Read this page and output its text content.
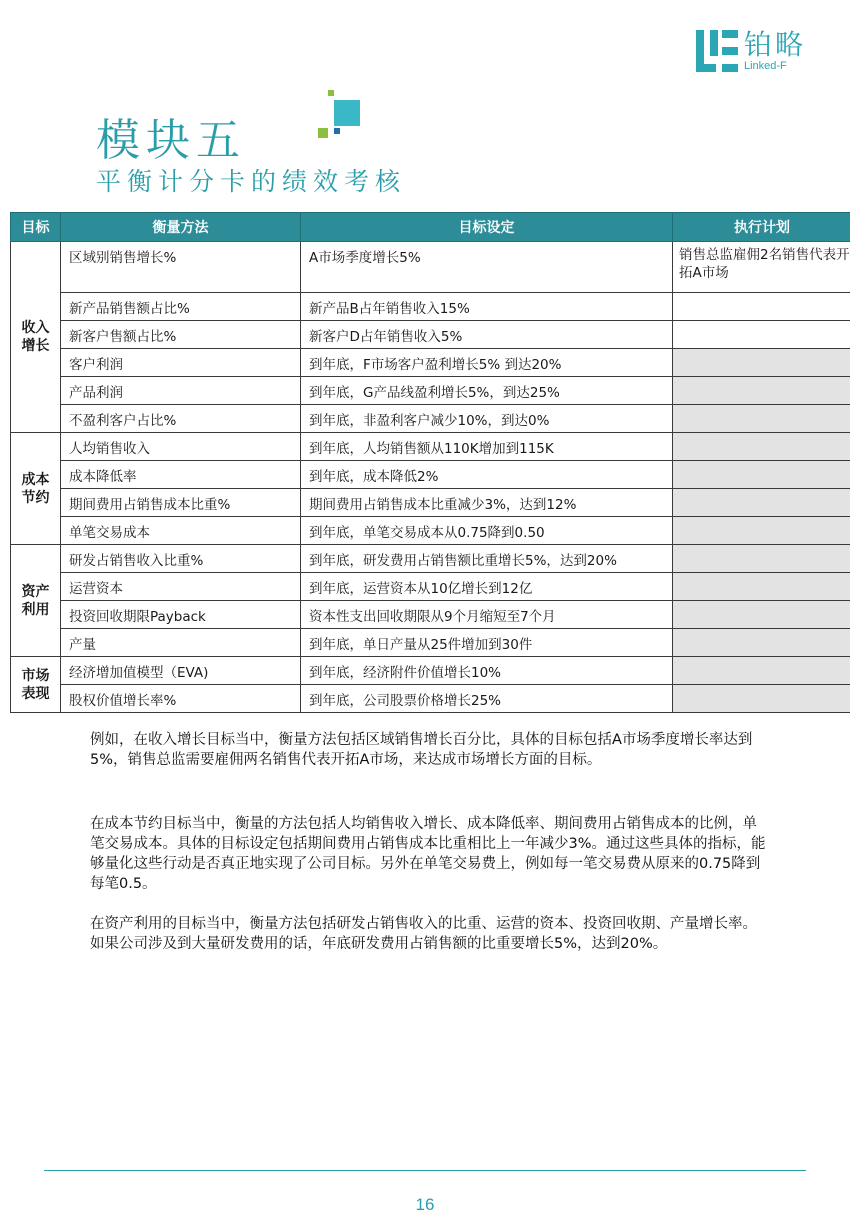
铂略
Linked-F
模块五
平衡计分卡的绩效考核
目标	衡量方法	目标设定	执行计划

收入增长	区域别销售增长%	A市场季度增长5%	销售总监雇佣2名销售代表开拓A市场
	新产品销售额占比%	新产品B占年销售收入15%	
	新客户售额占比%	新客户D占年销售收入5%	
	客户利润	到年底，F市场客户盈利增长5% 到达20%	
	产品利润	到年底，G产品线盈利增长5%，到达25%	
	不盈利客户占比%	到年底，非盈利客户减少10%，到达0%	

成本节约	人均销售收入	到年底，人均销售额从110K增加到115K	
	成本降低率	到年底，成本降低2%	
	期间费用占销售成本比重%	期间费用占销售成本比重减少3%，达到12%	
	单笔交易成本	到年底，单笔交易成本从0.75降到0.50	

资产利用	研发占销售收入比重%	到年底，研发费用占销售额比重增长5%，达到20%	
	运营资本	到年底，运营资本从10亿增长到12亿	
	投资回收期限Payback	资本性支出回收期限从9个月缩短至7个月	
	产量	到年底，单日产量从25件增加到30件	

市场表现	经济增加值模型（EVA)	到年底，经济附件价值增长10%	
	股权价值增长率%	到年底，公司股票价格增长25%	
例如，在收入增长目标当中，衡量方法包括区域销售增长百分比，具体的目标包括A市场季度增长率达到5%，销售总监需要雇佣两名销售代表开拓A市场，来达成市场增长方面的目标。
在成本节约目标当中，衡量的方法包括人均销售收入增长、成本降低率、期间费用占销售成本的比例，单笔交易成本。具体的目标设定包括期间费用占销售成本比重相比上一年减少3%。通过这些具体的指标，能够量化这些行动是否真正地实现了公司目标。另外在单笔交易费上，例如每一笔交易费从原来的0.75降到每笔0.5。
在资产利用的目标当中，衡量方法包括研发占销售收入的比重、运营的资本、投资回收期、产量增长率。如果公司涉及到大量研发费用的话，年底研发费用占销售额的比重要增长5%，达到20%。
16
